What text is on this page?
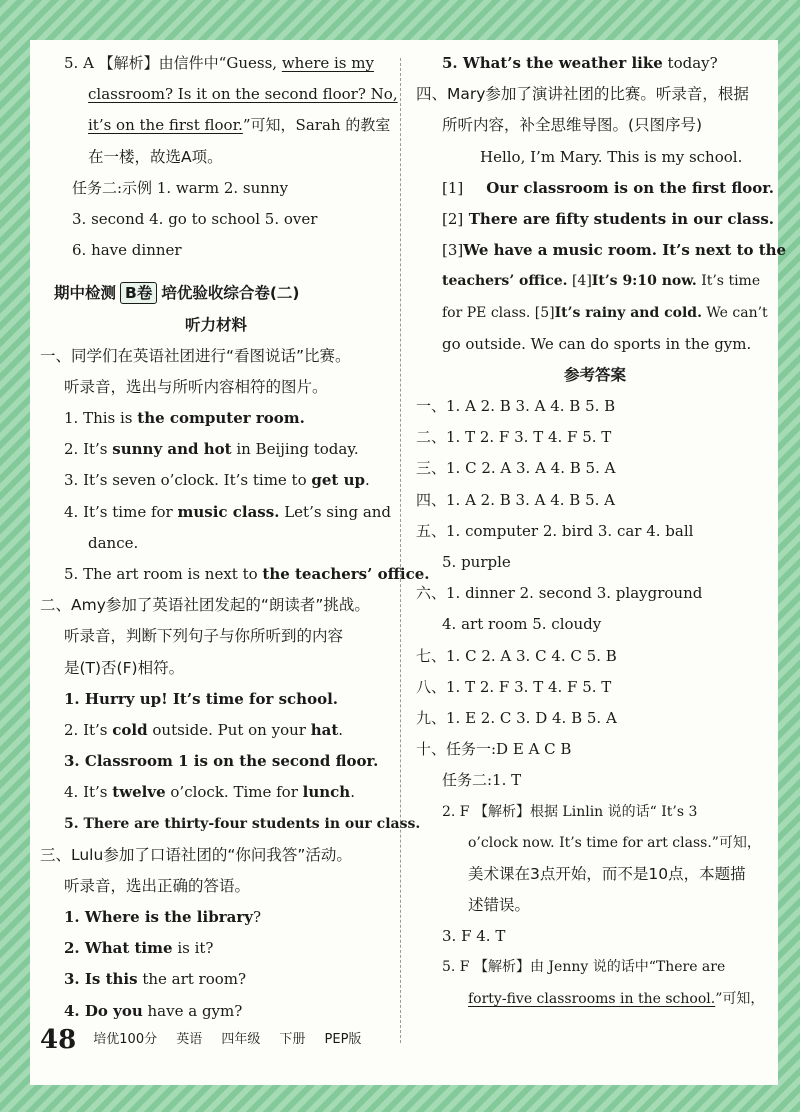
5. A 【解析】由信件中“Guess, where is my
classroom? Is it on the second floor? No,
it’s on the first floor.”可知，Sarah 的教室
在一楼，故选A项。
任务二:示例 1. warm 2. sunny
3. second 4. go to school 5. over
6. have dinner
期中检测 B卷 培优验收综合卷(二)
听力材料
一、同学们在英语社团进行“看图说话”比赛。
听录音，选出与所听内容相符的图片。
1. This is the computer room.
2. It’s sunny and hot in Beijing today.
3. It’s seven o’clock. It’s time to get up.
4. It’s time for music class. Let’s sing and
dance.
5. The art room is next to the teachers’ office.
二、Amy参加了英语社团发起的“朗读者”挑战。
听录音，判断下列句子与你所听到的内容
是(T)否(F)相符。
1. Hurry up! It’s time for school.
2. It’s cold outside. Put on your hat.
3. Classroom 1 is on the second floor.
4. It’s twelve o’clock. Time for lunch.
5. There are thirty-four students in our class.
三、Lulu参加了口语社团的“你问我答”活动。
听录音，选出正确的答语。
1. Where is the library?
2. What time is it?
3. Is this the art room?
4. Do you have a gym?
5. What’s the weather like today?
四、Mary参加了演讲社团的比赛。听录音，根据
所听内容，补全思维导图。(只图序号)
Hello, I’m Mary. This is my school.
[1] Our classroom is on the first floor.
[2] There are fifty students in our class.
[3] We have a music room. It’s next to the
teachers’ office. [4]It’s 9:10 now. It’s time
for PE class. [5]It’s rainy and cold. We can’t
go outside. We can do sports in the gym.
参考答案
一、1. A 2. B 3. A 4. B 5. B
二、1. T 2. F 3. T 4. F 5. T
三、1. C 2. A 3. A 4. B 5. A
四、1. A 2. B 3. A 4. B 5. A
五、1. computer 2. bird 3. car 4. ball
5. purple
六、1. dinner 2. second 3. playground
4. art room 5. cloudy
七、1. C 2. A 3. C 4. C 5. B
八、1. T 2. F 3. T 4. F 5. T
九、1. E 2. C 3. D 4. B 5. A
十、任务一:D E A C B
任务二:1. T
2. F 【解析】根据 Linlin 说的话“ It’s 3
o’clock now. It’s time for art class.”可知，
美术课在3点开始，而不是10点，本题描
述错误。
3. F 4. T
5. F 【解析】由 Jenny 说的话中“There are
forty-five classrooms in the school.”可知，
48 培优100分 英语 四年级 下册 PEP版
